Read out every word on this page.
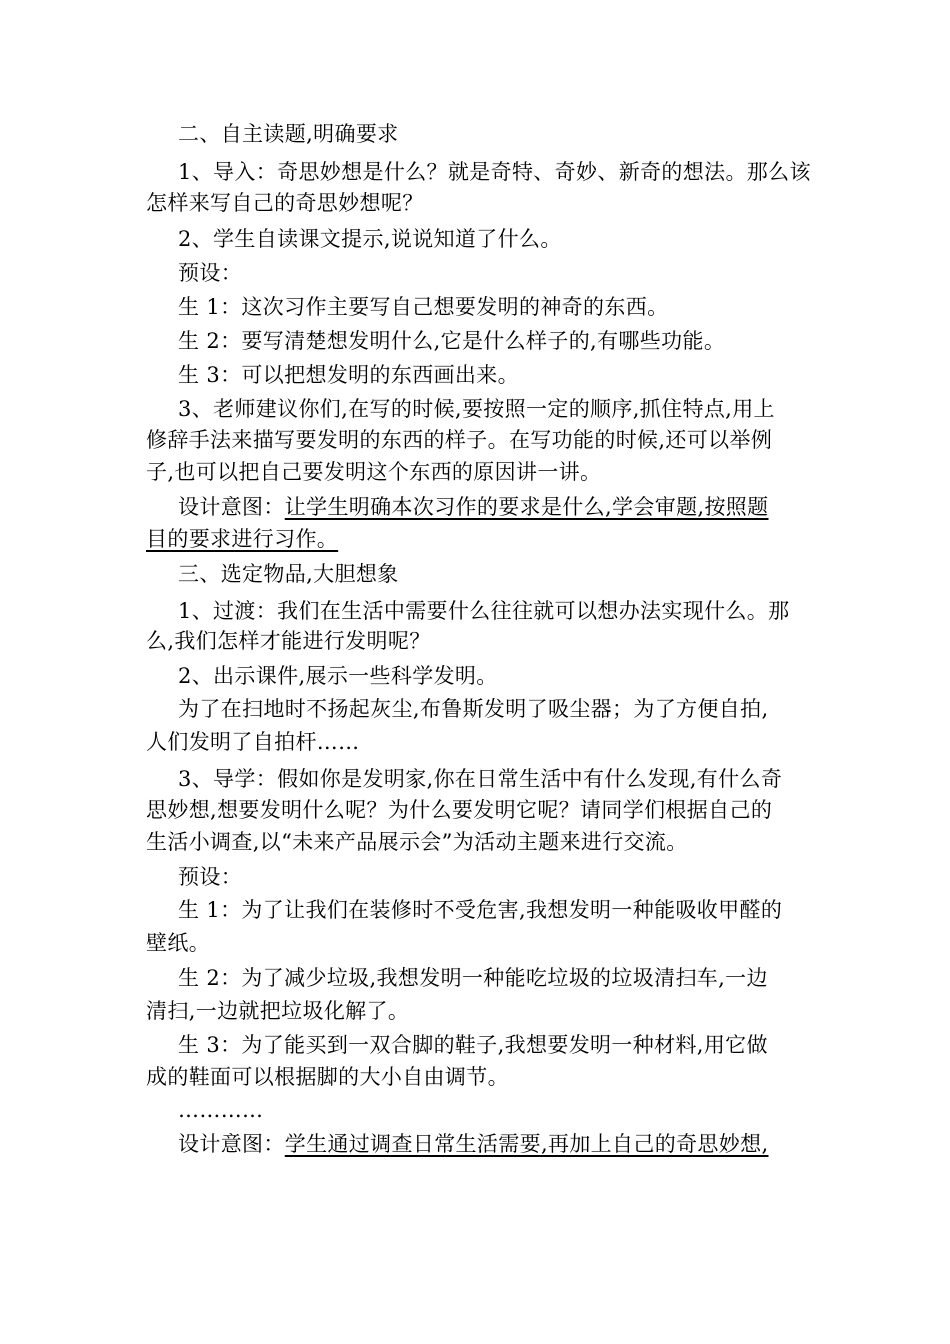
二、自主读题,明确要求
1、导入：奇思妙想是什么？就是奇特、奇妙、新奇的想法。那么该
怎样来写自己的奇思妙想呢？
2、学生自读课文提示,说说知道了什么。
预设：
生 1：这次习作主要写自己想要发明的神奇的东西。
生 2：要写清楚想发明什么,它是什么样子的,有哪些功能。
生 3：可以把想发明的东西画出来。
3、老师建议你们,在写的时候,要按照一定的顺序,抓住特点,用上
修辞手法来描写要发明的东西的样子。在写功能的时候,还可以举例
子,也可以把自己要发明这个东西的原因讲一讲。
设计意图：让学生明确本次习作的要求是什么,学会审题,按照题
目的要求进行习作。
三、选定物品,大胆想象
1、过渡：我们在生活中需要什么往往就可以想办法实现什么。那
么,我们怎样才能进行发明呢？
2、出示课件,展示一些科学发明。
为了在扫地时不扬起灰尘,布鲁斯发明了吸尘器；为了方便自拍,
人们发明了自拍杆……
3、导学：假如你是发明家,你在日常生活中有什么发现,有什么奇
思妙想,想要发明什么呢？为什么要发明它呢？请同学们根据自己的
生活小调查,以“未来产品展示会”为活动主题来进行交流。
预设：
生 1：为了让我们在装修时不受危害,我想发明一种能吸收甲醛的
壁纸。
生 2：为了减少垃圾,我想发明一种能吃垃圾的垃圾清扫车,一边
清扫,一边就把垃圾化解了。
生 3：为了能买到一双合脚的鞋子,我想要发明一种材料,用它做
成的鞋面可以根据脚的大小自由调节。
…………
设计意图：学生通过调查日常生活需要,再加上自己的奇思妙想,
